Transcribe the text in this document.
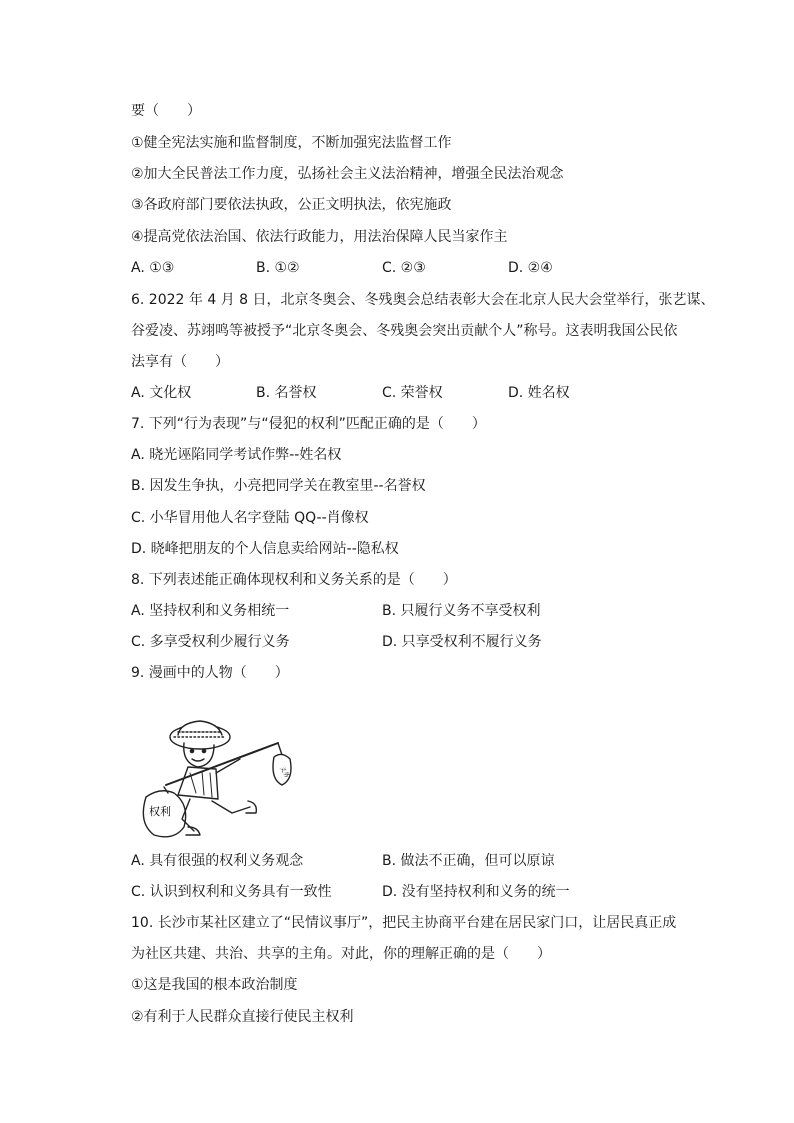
要（　　）
①健全宪法实施和监督制度，不断加强宪法监督工作
②加大全民普法工作力度，弘扬社会主义法治精神，增强全民法治观念
③各政府部门要依法执政，公正文明执法，依宪施政
④提高党依法治国、依法行政能力，用法治保障人民当家作主
A. ①③	B. ①②	C. ②③	D. ②④
6. 2022 年 4 月 8 日，北京冬奥会、冬残奥会总结表彰大会在北京人民大会堂举行，张艺谋、
谷爱凌、苏翊鸣等被授予“北京冬奥会、冬残奥会突出贡献个人”称号。这表明我国公民依
法享有（　　）
A. 文化权	B. 名誉权	C. 荣誉权	D. 姓名权
7. 下列“行为表现”与“侵犯的权利”匹配正确的是（　　）
A. 晓光诬陷同学考试作弊--姓名权
B. 因发生争执，小亮把同学关在教室里--名誉权
C. 小华冒用他人名字登陆 QQ--肖像权
D. 晓峰把朋友的个人信息卖给网站--隐私权
8. 下列表述能正确体现权利和义务关系的是（　　）
A. 坚持权利和义务相统一	B. 只履行义务不享受权利
C. 多享受权利少履行义务	D. 只享受权利不履行义务
9. 漫画中的人物（　　）
权利
义务
A. 具有很强的权利义务观念	B. 做法不正确，但可以原谅
C. 认识到权利和义务具有一致性	D. 没有坚持权利和义务的统一
10. 长沙市某社区建立了“民情议事厅”，把民主协商平台建在居民家门口，让居民真正成
为社区共建、共治、共享的主角。对此，你的理解正确的是（　　）
①这是我国的根本政治制度
②有利于人民群众直接行使民主权利
